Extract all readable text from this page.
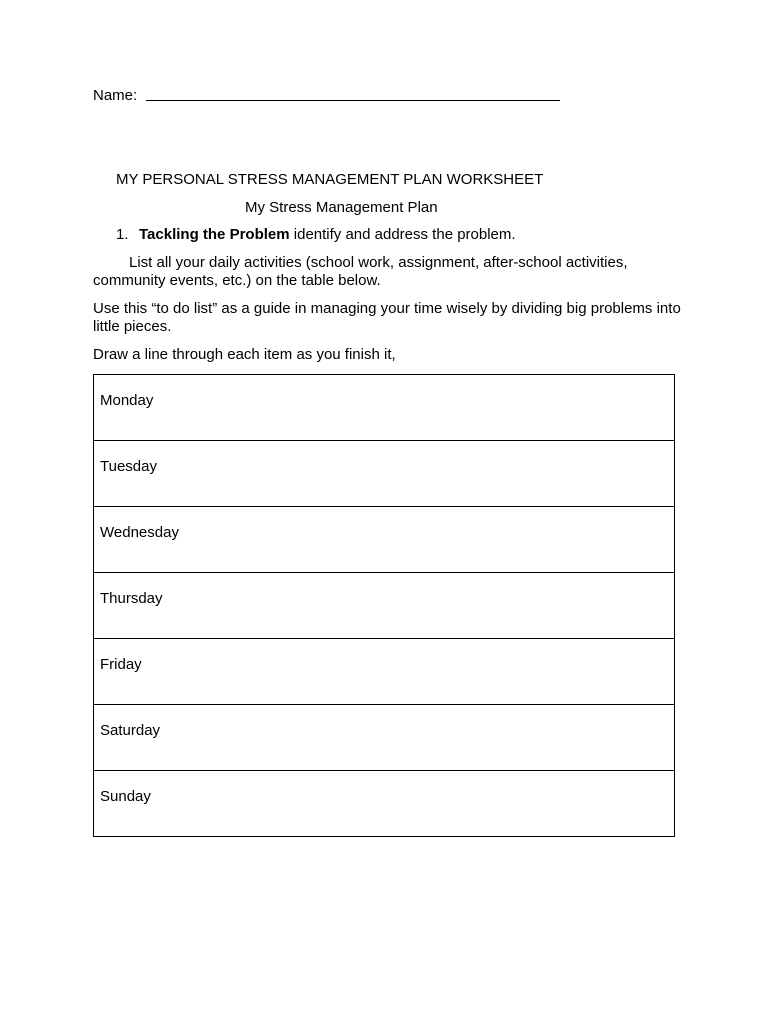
Name:
MY PERSONAL STRESS MANAGEMENT PLAN WORKSHEET
My Stress Management Plan
1. Tackling the Problem identify and address the problem.
List all your daily activities (school work, assignment, after-school activities, community events, etc.) on the table below.
Use this “to do list” as a guide in managing your time wisely by dividing big problems into little pieces.
Draw a line through each item as you finish it,
Monday
Tuesday
Wednesday
Thursday
Friday
Saturday
Sunday
